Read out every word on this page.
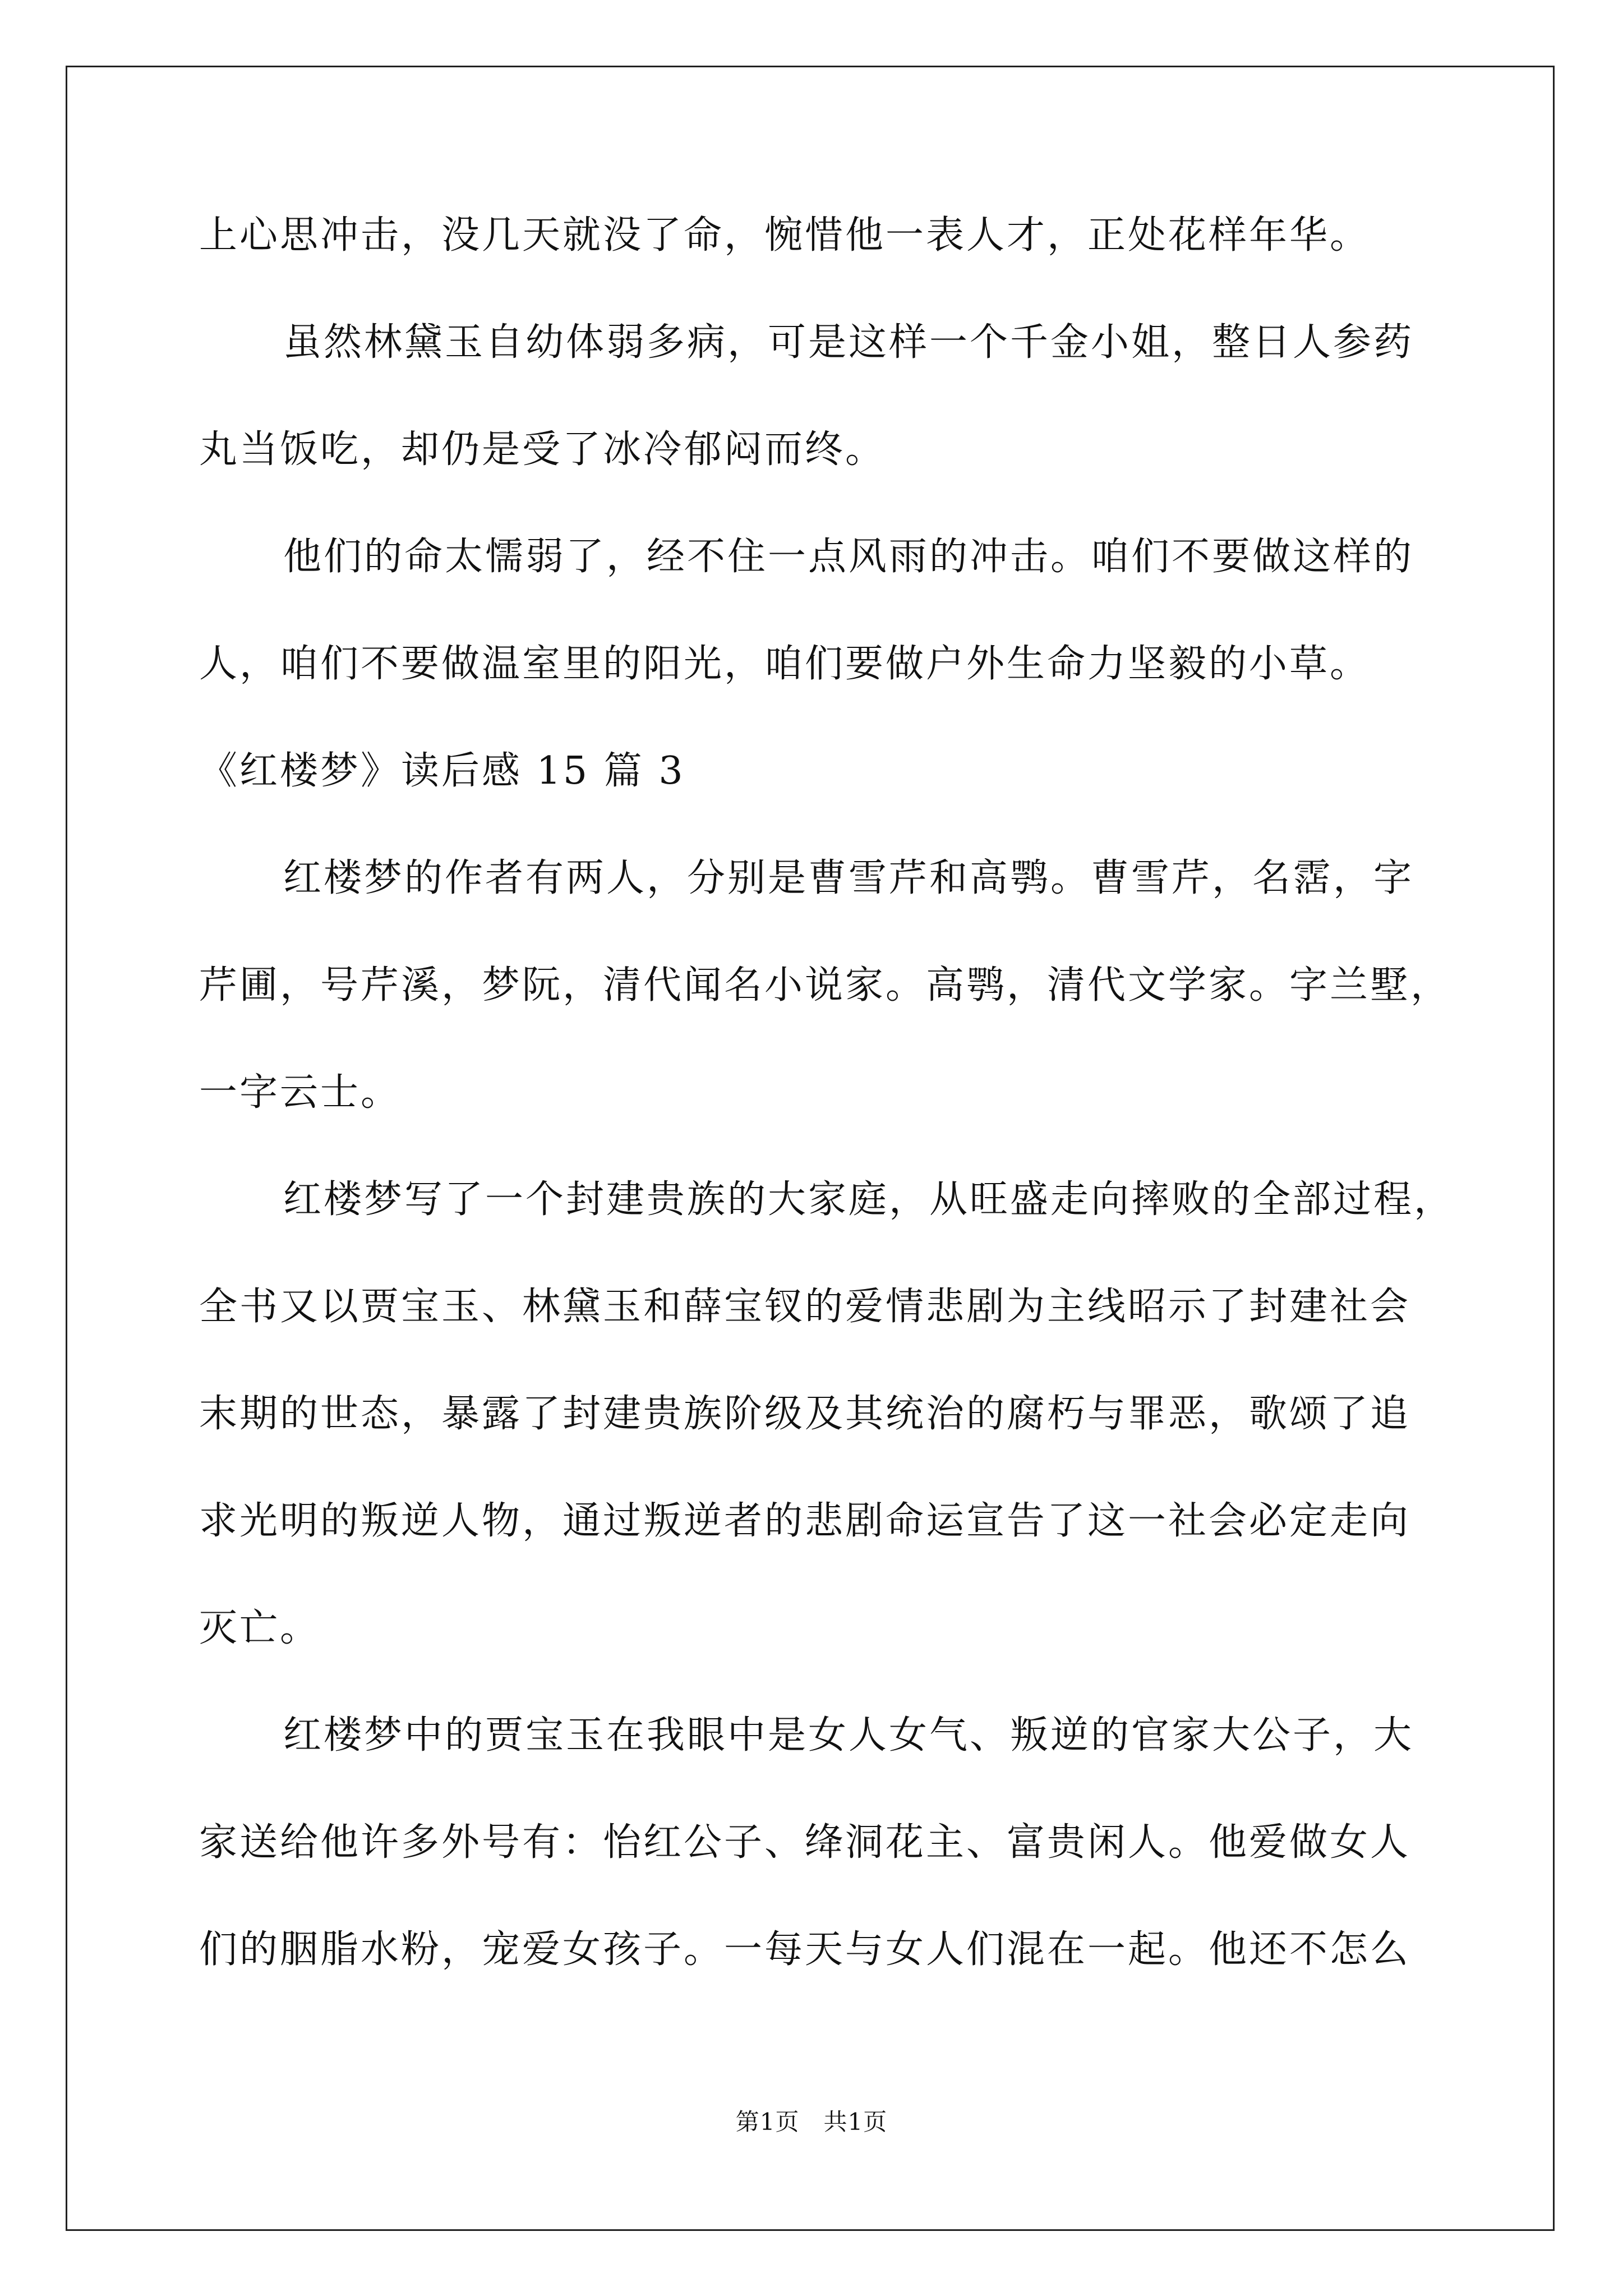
上心思冲击，没几天就没了命，惋惜他一表人才，正处花样年华。
虽然林黛玉自幼体弱多病，可是这样一个千金小姐，整日人参药
丸当饭吃，却仍是受了冰冷郁闷而终。
他们的命太懦弱了，经不住一点风雨的冲击。咱们不要做这样的
人，咱们不要做温室里的阳光，咱们要做户外生命力坚毅的小草。
《红楼梦》读后感 15 篇 3
红楼梦的作者有两人，分别是曹雪芹和高鹗。曹雪芹，名霑，字
芹圃，号芹溪，梦阮，清代闻名小说家。高鹗，清代文学家。字兰墅，
一字云士。
红楼梦写了一个封建贵族的大家庭，从旺盛走向摔败的全部过程，
全书又以贾宝玉、林黛玉和薛宝钗的爱情悲剧为主线昭示了封建社会
末期的世态，暴露了封建贵族阶级及其统治的腐朽与罪恶，歌颂了追
求光明的叛逆人物，通过叛逆者的悲剧命运宣告了这一社会必定走向
灭亡。
红楼梦中的贾宝玉在我眼中是女人女气、叛逆的官家大公子，大
家送给他许多外号有：怡红公子、绛洞花主、富贵闲人。他爱做女人
们的胭脂水粉，宠爱女孩子。一每天与女人们混在一起。他还不怎么
第1页   共1页
